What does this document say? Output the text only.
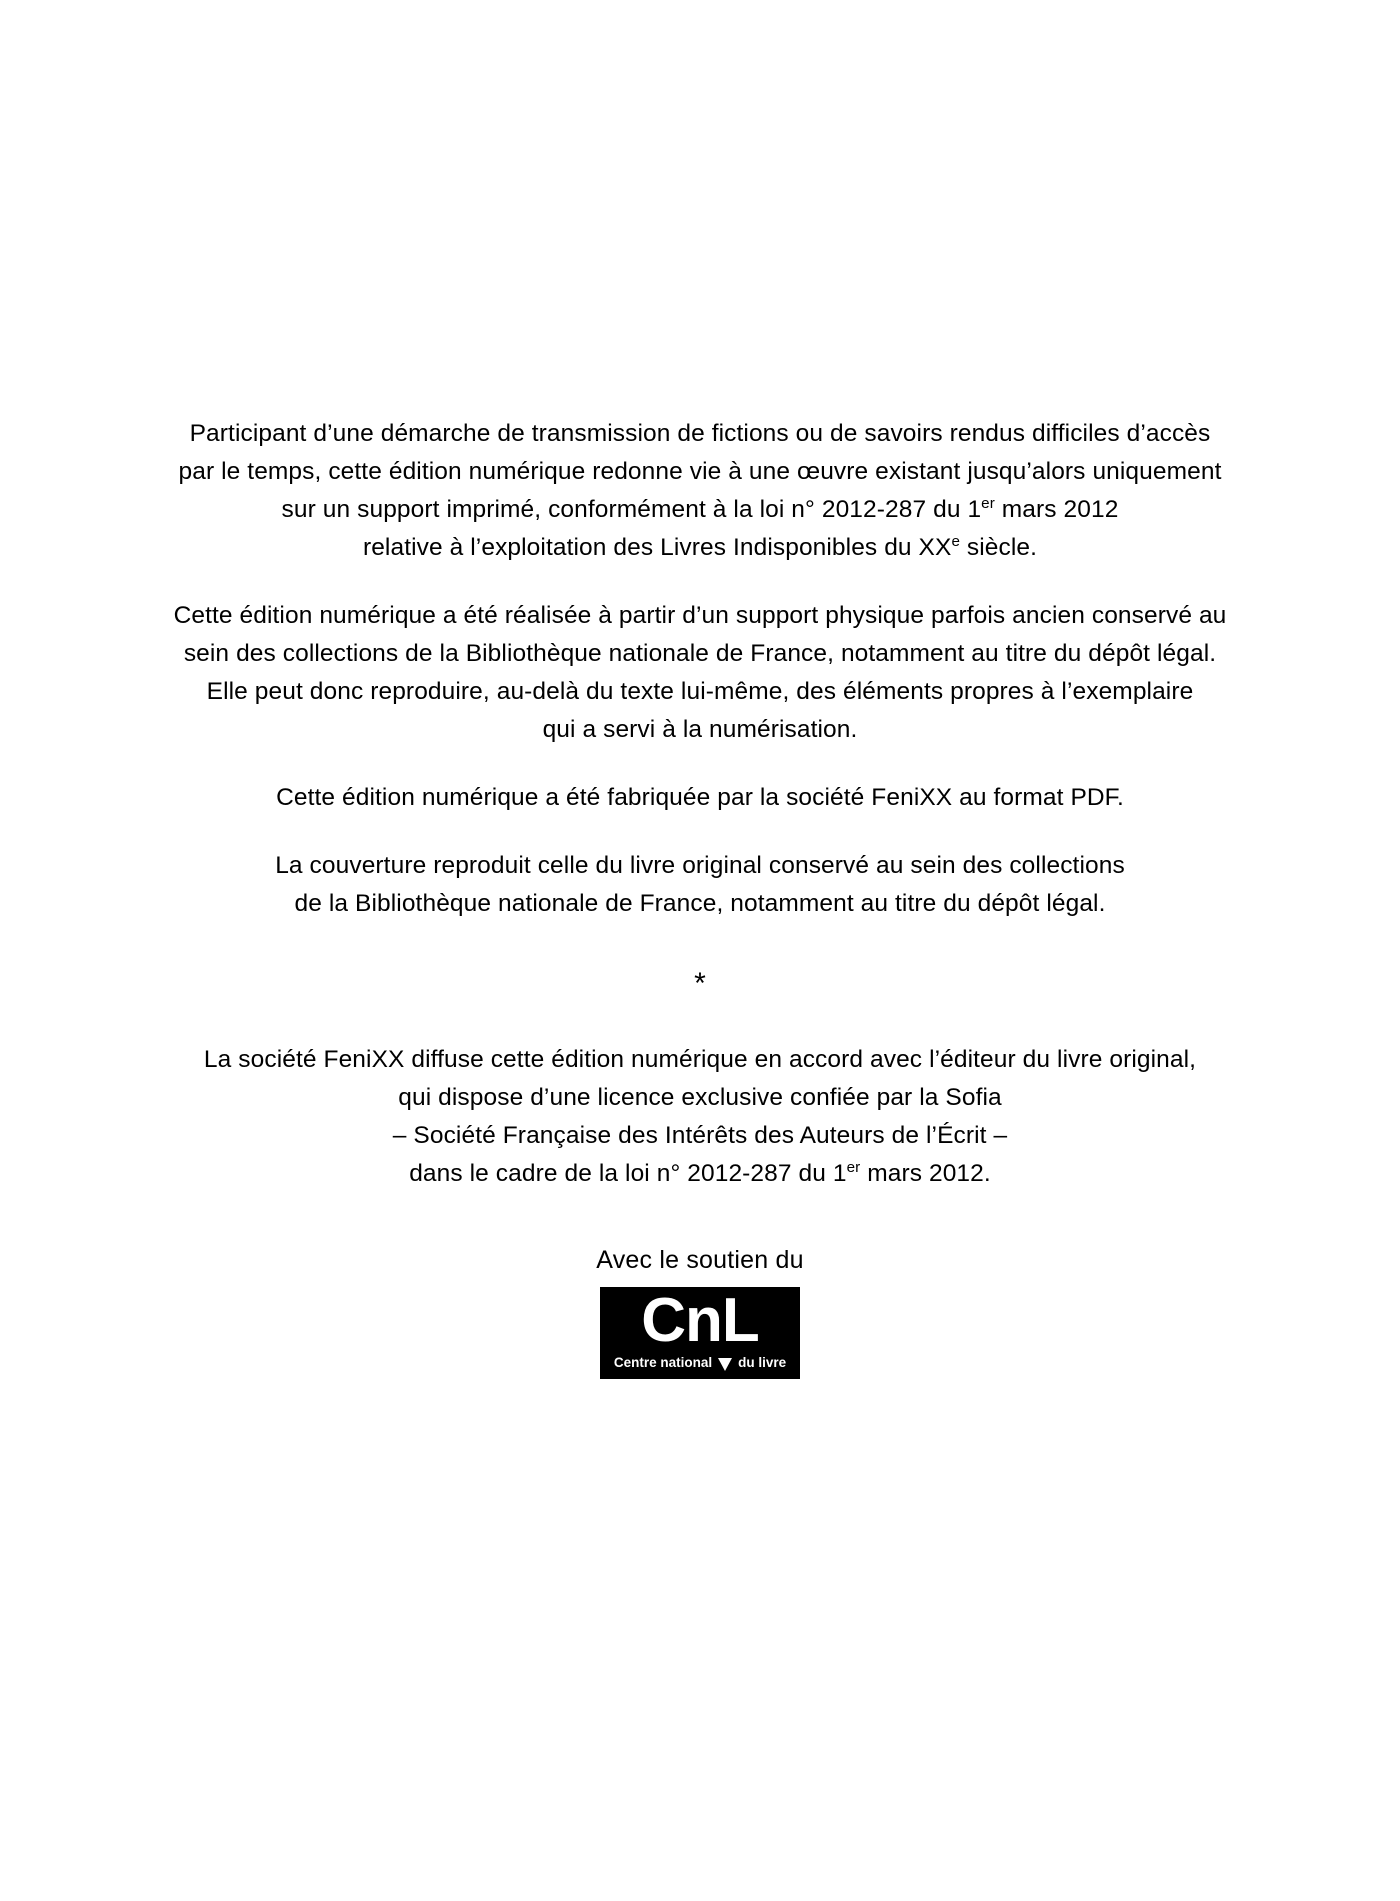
Participant d’une démarche de transmission de fictions ou de savoirs rendus difficiles d’accès
par le temps, cette édition numérique redonne vie à une œuvre existant jusqu’alors uniquement
sur un support imprimé, conformément à la loi n° 2012-287 du 1er mars 2012
relative à l’exploitation des Livres Indisponibles du XXe siècle.
Cette édition numérique a été réalisée à partir d’un support physique parfois ancien conservé au
sein des collections de la Bibliothèque nationale de France, notamment au titre du dépôt légal.
Elle peut donc reproduire, au-delà du texte lui-même, des éléments propres à l’exemplaire
qui a servi à la numérisation.
Cette édition numérique a été fabriquée par la société FeniXX au format PDF.
La couverture reproduit celle du livre original conservé au sein des collections
de la Bibliothèque nationale de France, notamment au titre du dépôt légal.
*
La société FeniXX diffuse cette édition numérique en accord avec l’éditeur du livre original,
qui dispose d’une licence exclusive confiée par la Sofia
– Société Française des Intérêts des Auteurs de l’Écrit –
dans le cadre de la loi n° 2012-287 du 1er mars 2012.
Avec le soutien du
CnL
Centre national du livre
